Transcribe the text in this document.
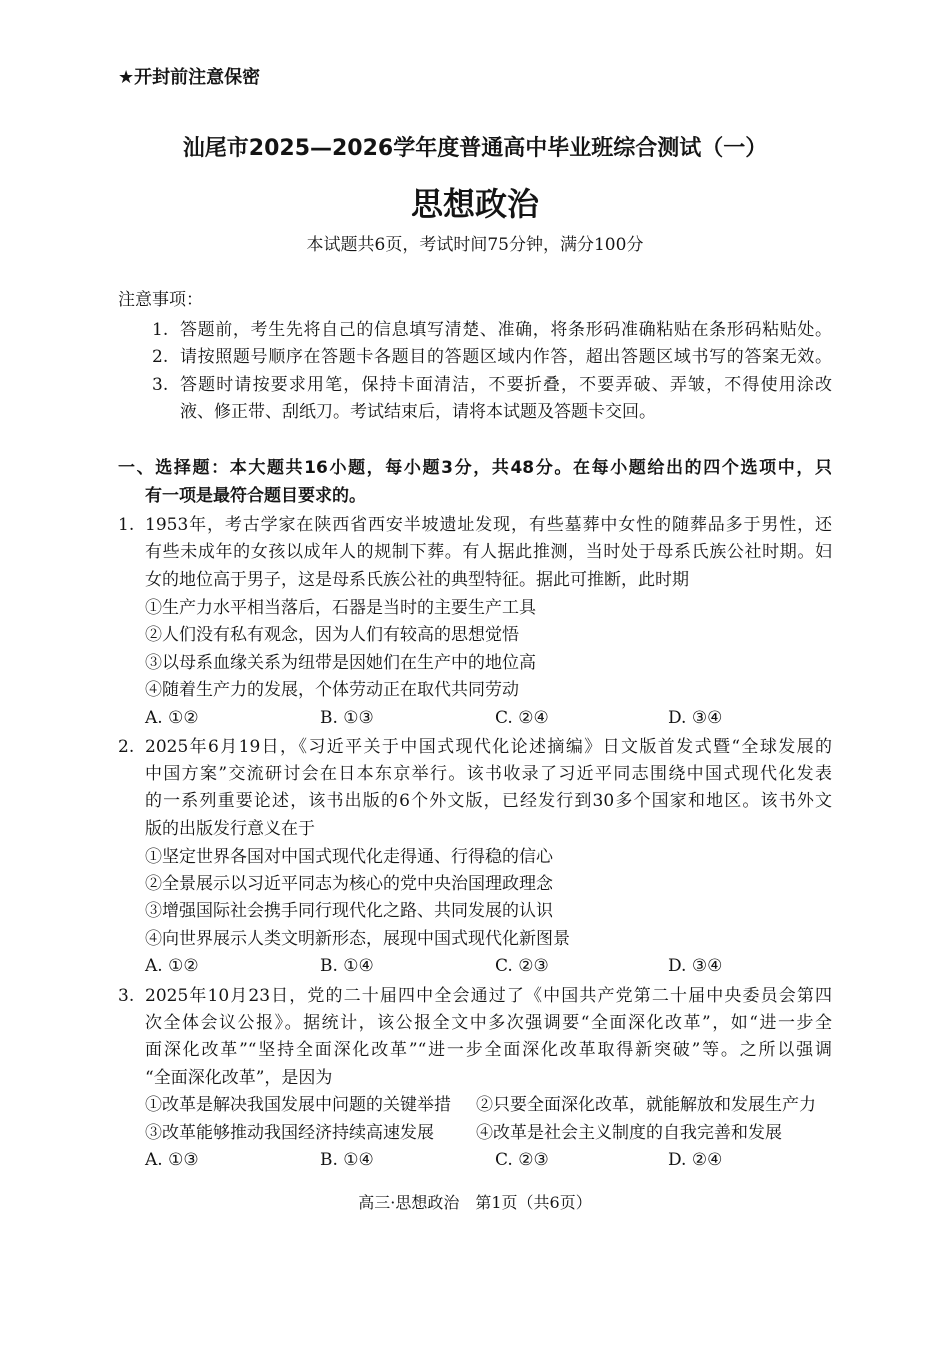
★开封前注意保密
汕尾市2025—2026学年度普通高中毕业班综合测试（一）
思想政治
本试题共6页，考试时间75分钟，满分100分
注意事项：
1. 答题前，考生先将自己的信息填写清楚、准确，将条形码准确粘贴在条形码粘贴处。
2. 请按照题号顺序在答题卡各题目的答题区域内作答，超出答题区域书写的答案无效。
3. 答题时请按要求用笔，保持卡面清洁，不要折叠，不要弄破、弄皱，不得使用涂改
液、修正带、刮纸刀。考试结束后，请将本试题及答题卡交回。
一、选择题：本大题共16小题，每小题3分，共48分。在每小题给出的四个选项中，只
有一项是最符合题目要求的。
1. 1953年，考古学家在陕西省西安半坡遗址发现，有些墓葬中女性的随葬品多于男性，还
有些未成年的女孩以成年人的规制下葬。有人据此推测，当时处于母系氏族公社时期。妇
女的地位高于男子，这是母系氏族公社的典型特征。据此可推断，此时期
①生产力水平相当落后，石器是当时的主要生产工具
②人们没有私有观念，因为人们有较高的思想觉悟
③以母系血缘关系为纽带是因她们在生产中的地位高
④随着生产力的发展，个体劳动正在取代共同劳动
A. ①②	B. ①③	C. ②④	D. ③④
2. 2025年6月19日，《习近平关于中国式现代化论述摘编》日文版首发式暨“全球发展的
中国方案”交流研讨会在日本东京举行。该书收录了习近平同志围绕中国式现代化发表
的一系列重要论述，该书出版的6个外文版，已经发行到30多个国家和地区。该书外文
版的出版发行意义在于
①坚定世界各国对中国式现代化走得通、行得稳的信心
②全景展示以习近平同志为核心的党中央治国理政理念
③增强国际社会携手同行现代化之路、共同发展的认识
④向世界展示人类文明新形态，展现中国式现代化新图景
A. ①②	B. ①④	C. ②③	D. ③④
3. 2025年10月23日，党的二十届四中全会通过了《中国共产党第二十届中央委员会第四
次全体会议公报》。据统计，该公报全文中多次强调要“全面深化改革”，如“进一步全
面深化改革”“坚持全面深化改革”“进一步全面深化改革取得新突破”等。之所以强调
“全面深化改革”，是因为
①改革是解决我国发展中问题的关键举措 ②只要全面深化改革，就能解放和发展生产力
③改革能够推动我国经济持续高速发展 ④改革是社会主义制度的自我完善和发展
A. ①③	B. ①④	C. ②③	D. ②④
高三·思想政治　第1页（共6页）
